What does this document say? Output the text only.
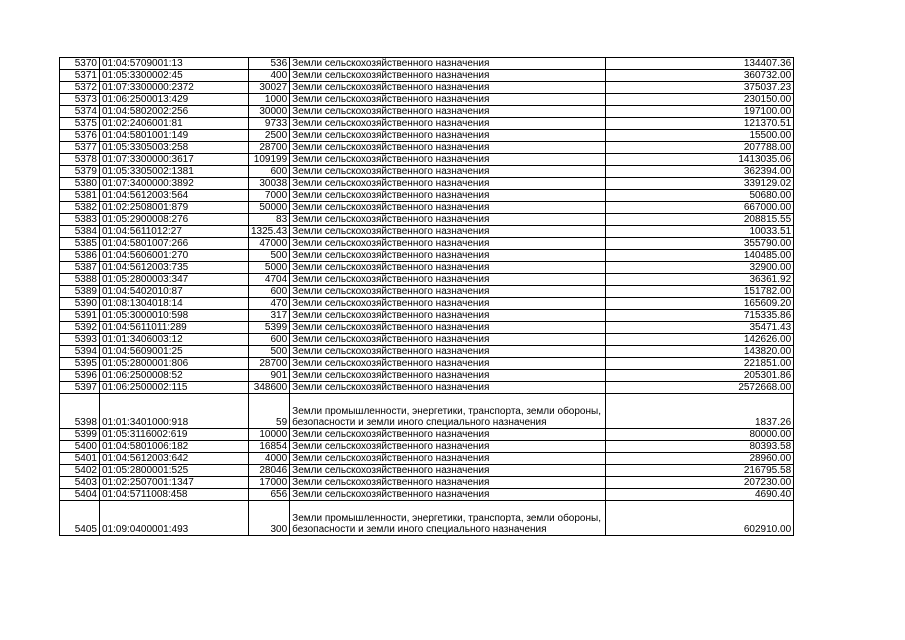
5370	01:04:5709001:13	536	Земли сельскохозяйственного назначения	134407.36
5371	01:05:3300002:45	400	Земли сельскохозяйственного назначения	360732.00
5372	01:07:3300000:2372	30027	Земли сельскохозяйственного назначения	375037.23
5373	01:06:2500013:429	1000	Земли сельскохозяйственного назначения	230150.00
5374	01:04:5802002:256	30000	Земли сельскохозяйственного назначения	197100.00
5375	01:02:2406001:81	9733	Земли сельскохозяйственного назначения	121370.51
5376	01:04:5801001:149	2500	Земли сельскохозяйственного назначения	15500.00
5377	01:05:3305003:258	28700	Земли сельскохозяйственного назначения	207788.00
5378	01:07:3300000:3617	109199	Земли сельскохозяйственного назначения	1413035.06
5379	01:05:3305002:1381	600	Земли сельскохозяйственного назначения	362394.00
5380	01:07:3400000:3892	30038	Земли сельскохозяйственного назначения	339129.02
5381	01:04:5612003:564	7000	Земли сельскохозяйственного назначения	50680.00
5382	01:02:2508001:879	50000	Земли сельскохозяйственного назначения	667000.00
5383	01:05:2900008:276	83	Земли сельскохозяйственного назначения	208815.55
5384	01:04:5611012:27	1325.43	Земли сельскохозяйственного назначения	10033.51
5385	01:04:5801007:266	47000	Земли сельскохозяйственного назначения	355790.00
5386	01:04:5606001:270	500	Земли сельскохозяйственного назначения	140485.00
5387	01:04:5612003:735	5000	Земли сельскохозяйственного назначения	32900.00
5388	01:05:2800003:347	4704	Земли сельскохозяйственного назначения	36361.92
5389	01:04:5402010:87	600	Земли сельскохозяйственного назначения	151782.00
5390	01:08:1304018:14	470	Земли сельскохозяйственного назначения	165609.20
5391	01:05:3000010:598	317	Земли сельскохозяйственного назначения	715335.86
5392	01:04:5611011:289	5399	Земли сельскохозяйственного назначения	35471.43
5393	01:01:3406003:12	600	Земли сельскохозяйственного назначения	142626.00
5394	01:04:5609001:25	500	Земли сельскохозяйственного назначения	143820.00
5395	01:05:2800001:806	28700	Земли сельскохозяйственного назначения	221851.00
5396	01:06:2500008:52	901	Земли сельскохозяйственного назначения	205301.86
5397	01:06:2500002:115	348600	Земли сельскохозяйственного назначения	2572668.00
5398	01:01:3401000:918	59	Земли промышленности, энергетики, транспорта, земли обороны, безопасности и земли иного специального назначения	1837.26
5399	01:05:3116002:619	10000	Земли сельскохозяйственного назначения	80000.00
5400	01:04:5801006:182	16854	Земли сельскохозяйственного назначения	80393.58
5401	01:04:5612003:642	4000	Земли сельскохозяйственного назначения	28960.00
5402	01:05:2800001:525	28046	Земли сельскохозяйственного назначения	216795.58
5403	01:02:2507001:1347	17000	Земли сельскохозяйственного назначения	207230.00
5404	01:04:5711008:458	656	Земли сельскохозяйственного назначения	4690.40
5405	01:09:0400001:493	300	Земли промышленности, энергетики, транспорта, земли обороны, безопасности и земли иного специального назначения	602910.00
